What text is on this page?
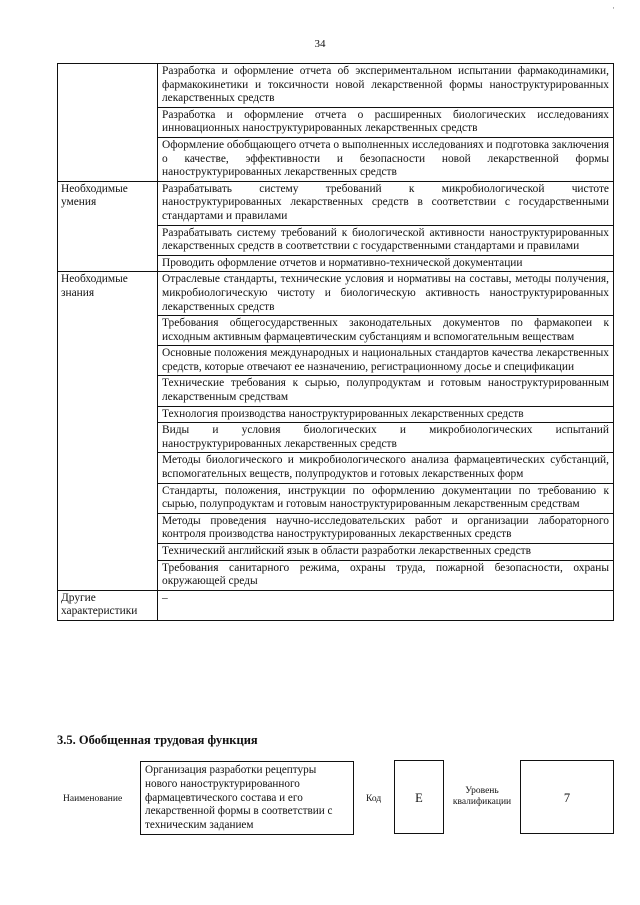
·
34
	Разработка и оформление отчета об экспериментальном испытании фармакодинамики, фармакокинетики и токсичности новой лекарственной формы наноструктурированных лекарственных средств
	Разработка и оформление отчета о расширенных биологических исследованиях инновационных наноструктурированных лекарственных средств
	Оформление обобщающего отчета о выполненных исследованиях и подготовка заключения о качестве, эффективности и безопасности новой лекарственной формы наноструктурированных лекарственных средств
Необходимые умения	Разрабатывать систему требований к микробиологической чистоте наноструктурированных лекарственных средств в соответствии с государственными стандартами и правилами
	Разрабатывать систему требований к биологической активности наноструктурированных лекарственных средств в соответствии с государственными стандартами и правилами
	Проводить оформление отчетов и нормативно-технической документации
Необходимые знания	Отраслевые стандарты, технические условия и нормативы на составы, методы получения, микробиологическую чистоту и биологическую активность наноструктурированных лекарственных средств
	Требования общегосударственных законодательных документов по фармакопеи к исходным активным фармацевтическим субстанциям и вспомогательным веществам
	Основные положения международных и национальных стандартов качества лекарственных средств, которые отвечают ее назначению, регистрационному досье и спецификации
	Технические требования к сырью, полупродуктам и готовым наноструктурированным лекарственным средствам
	Технология производства наноструктурированных лекарственных средств
	Виды и условия биологических и микробиологических испытаний наноструктурированных лекарственных средств
	Методы биологического и микробиологического анализа фармацевтических субстанций, вспомогательных веществ, полупродуктов и готовых лекарственных форм
	Стандарты, положения, инструкции по оформлению документации по требованию к сырью, полупродуктам и готовым наноструктурированным лекарственным средствам
	Методы проведения научно-исследовательских работ и организации лабораторного контроля производства наноструктурированных лекарственных средств
	Технический английский язык в области разработки лекарственных средств
	Требования санитарного режима, охраны труда, пожарной безопасности, охраны окружающей среды
Другие характеристики	–
3.5. Обобщенная трудовая функция
Наименование
Организация разработки рецептуры нового наноструктурированного фармацевтического состава и его лекарственной формы в соответствии с техническим заданием
Код	E	Уровень квалификации	7
